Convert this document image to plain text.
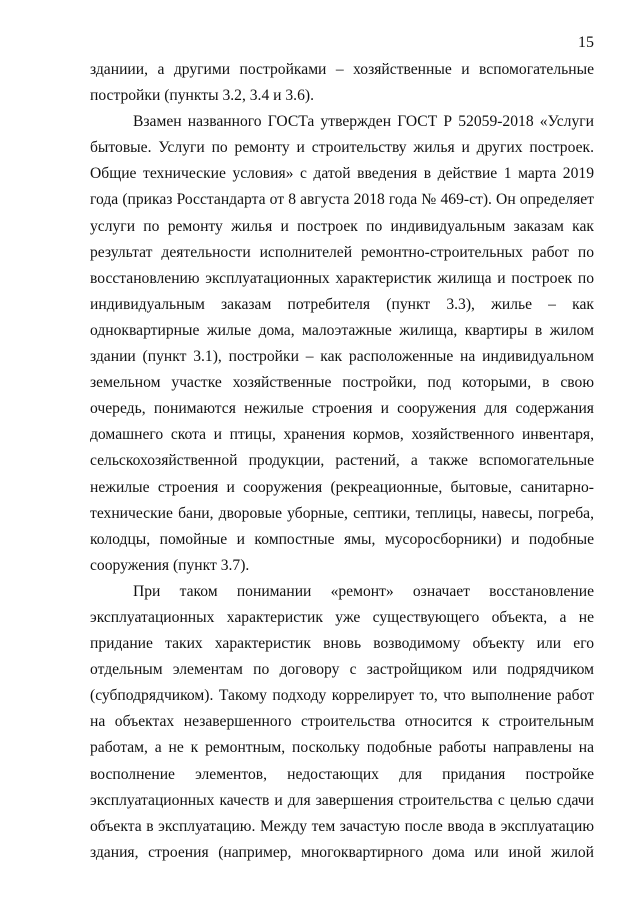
15
зданиии, а другими постройками – хозяйственные и вспомогательные
постройки (пункты 3.2, 3.4 и 3.6).
Взамен названного ГОСТа утвержден ГОСТ Р 52059-2018 «Услуги
бытовые. Услуги по ремонту и строительству жилья и других построек.
Общие технические условия» с датой введения в действие 1 марта 2019
года (приказ Росстандарта от 8 августа 2018 года № 469-ст). Он определяет
услуги по ремонту жилья и построек по индивидуальным заказам как
результат деятельности исполнителей ремонтно-строительных работ по
восстановлению эксплуатационных характеристик жилища и построек по
индивидуальным заказам потребителя (пункт 3.3), жилье – как
одноквартирные жилые дома, малоэтажные жилища, квартиры в жилом
здании (пункт 3.1), постройки – как расположенные на индивидуальном
земельном участке хозяйственные постройки, под которыми, в свою
очередь, понимаются нежилые строения и сооружения для содержания
домашнего скота и птицы, хранения кормов, хозяйственного инвентаря,
сельскохозяйственной продукции, растений, а также вспомогательные
нежилые строения и сооружения (рекреационные, бытовые, санитарно-
технические бани, дворовые уборные, септики, теплицы, навесы, погреба,
колодцы, помойные и компостные ямы, мусоросборники) и подобные
сооружения (пункт 3.7).
При таком понимании «ремонт» означает восстановление
эксплуатационных характеристик уже существующего объекта, а не
придание таких характеристик вновь возводимому объекту или его
отдельным элементам по договору с застройщиком или подрядчиком
(субподрядчиком). Такому подходу коррелирует то, что выполнение работ
на объектах незавершенного строительства относится к строительным
работам, а не к ремонтным, поскольку подобные работы направлены на
восполнение элементов, недостающих для придания постройке
эксплуатационных качеств и для завершения строительства с целью сдачи
объекта в эксплуатацию. Между тем зачастую после ввода в эксплуатацию
здания, строения (например, многоквартирного дома или иной жилой
